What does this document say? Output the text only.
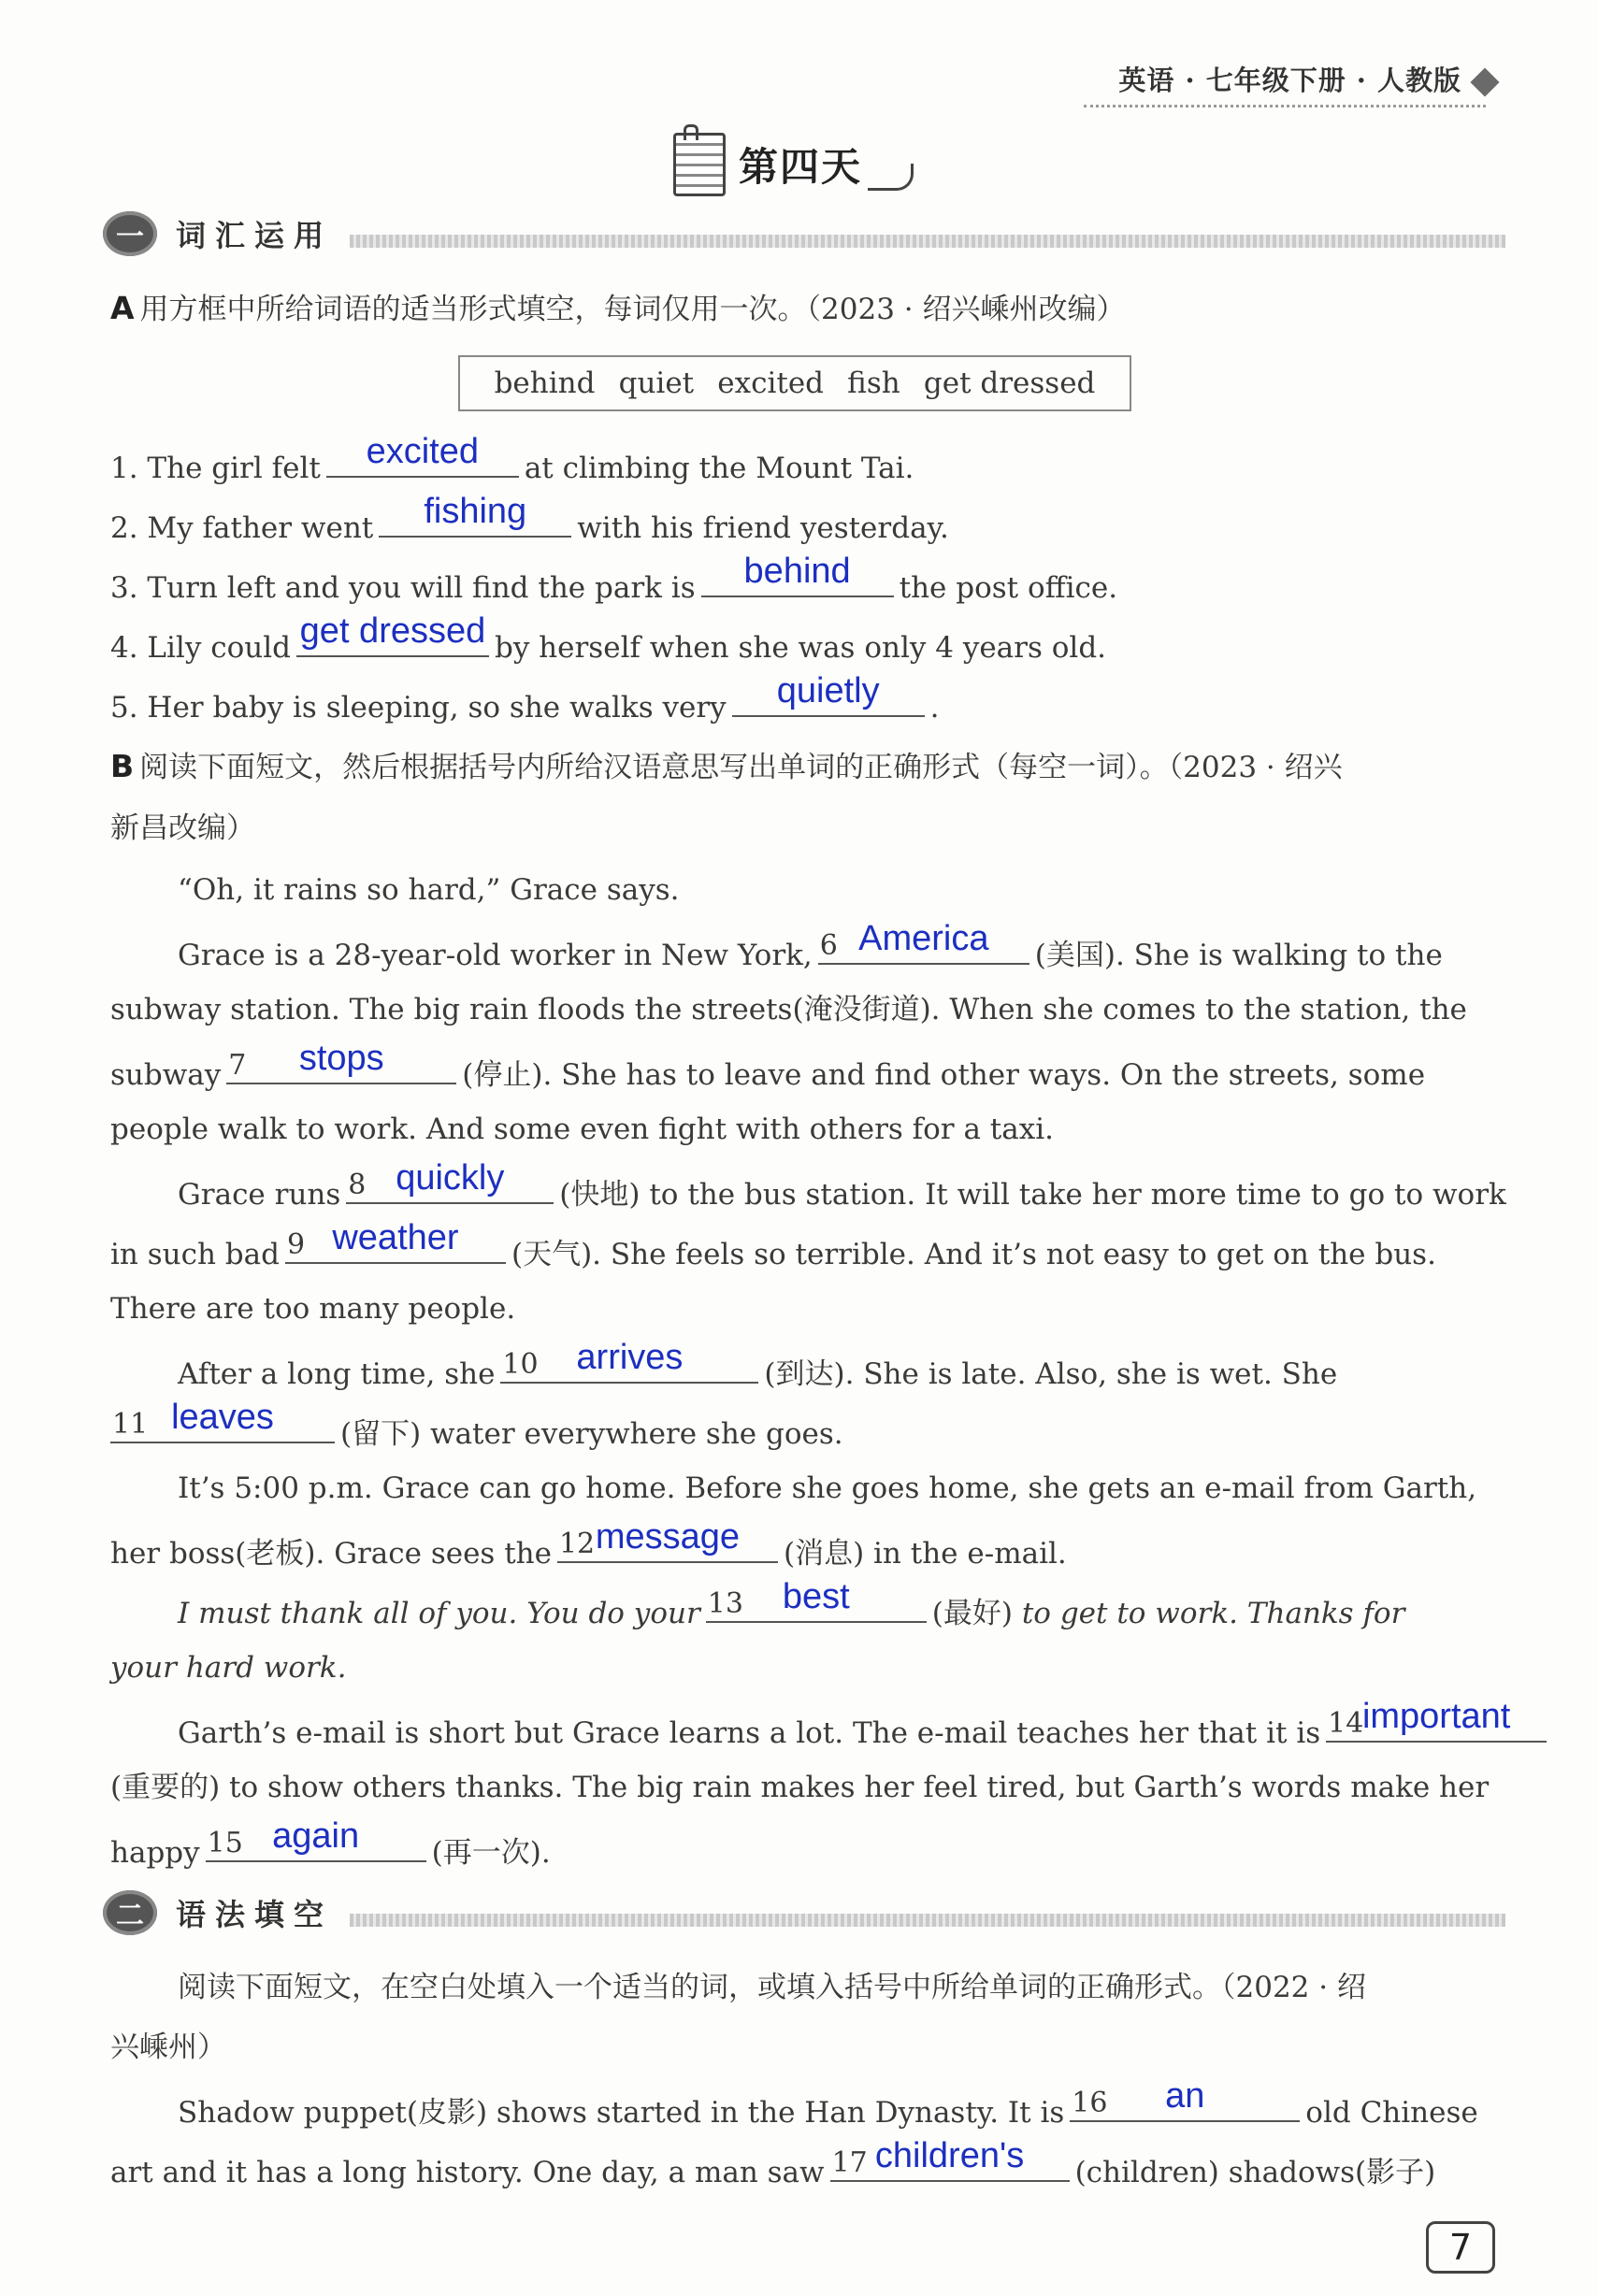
英语 · 七年级下册 · 人教版
第四天
一	词汇运用
A 用方框中所给词语的适当形式填空，每词仅用一次。（2023 · 绍兴嵊州改编）
behind quiet excited fish get dressed
1. The girl felt	excited	at climbing the Mount Tai.
2. My father went	fishing	with his friend yesterday.
3. Turn left and you will find the park is	behind	the post office.
4. Lily could get dressed by herself when she was only 4 years old.
5. Her baby is sleeping, so she walks very	quietly	.
B 阅读下面短文，然后根据括号内所给汉语意思写出单词的正确形式（每空一词）。（2023 · 绍兴
新昌改编）
“Oh, it rains so hard,” Grace says.
Grace is a 28-year-old worker in New York, 6 America	(美国). She is walking to the
subway station. The big rain floods the streets(淹没街道). When she comes to the station, the
subway 7	stops	(停止). She has to leave and find other ways. On the streets, some
people walk to work. And some even fight with others for a taxi.
Grace runs 8 quickly	(快地) to the bus station. It will take her more time to go to work
in such bad 9 weather	(天气). She feels so terrible. And it’s not easy to get on the bus.
There are too many people.
After a long time, she 10	arrives	(到达). She is late. Also, she is wet. She
11 leaves	(留下) water everywhere she goes.
It’s 5:00 p.m. Grace can go home. Before she goes home, she gets an e-mail from Garth,
her boss(老板). Grace sees the 12 message	(消息) in the e-mail.
I must thank all of you. You do your 13	best	(最好) to get to work. Thanks for
your hard work.
Garth’s e-mail is short but Grace learns a lot. The e-mail teaches her that it is 14
important
(重要的) to show others thanks. The big rain makes her feel tired, but Garth’s words make her
happy 15 again	(再一次).
二	语法填空
阅读下面短文，在空白处填入一个适当的词，或填入括号中所给单词的正确形式。（2022 · 绍
兴嵊州）
Shadow puppet(皮影) shows started in the Han Dynasty. It is 16	an	old Chinese
art and it has a long history. One day, a man saw 17 children's	(children) shadows(影子)
7
